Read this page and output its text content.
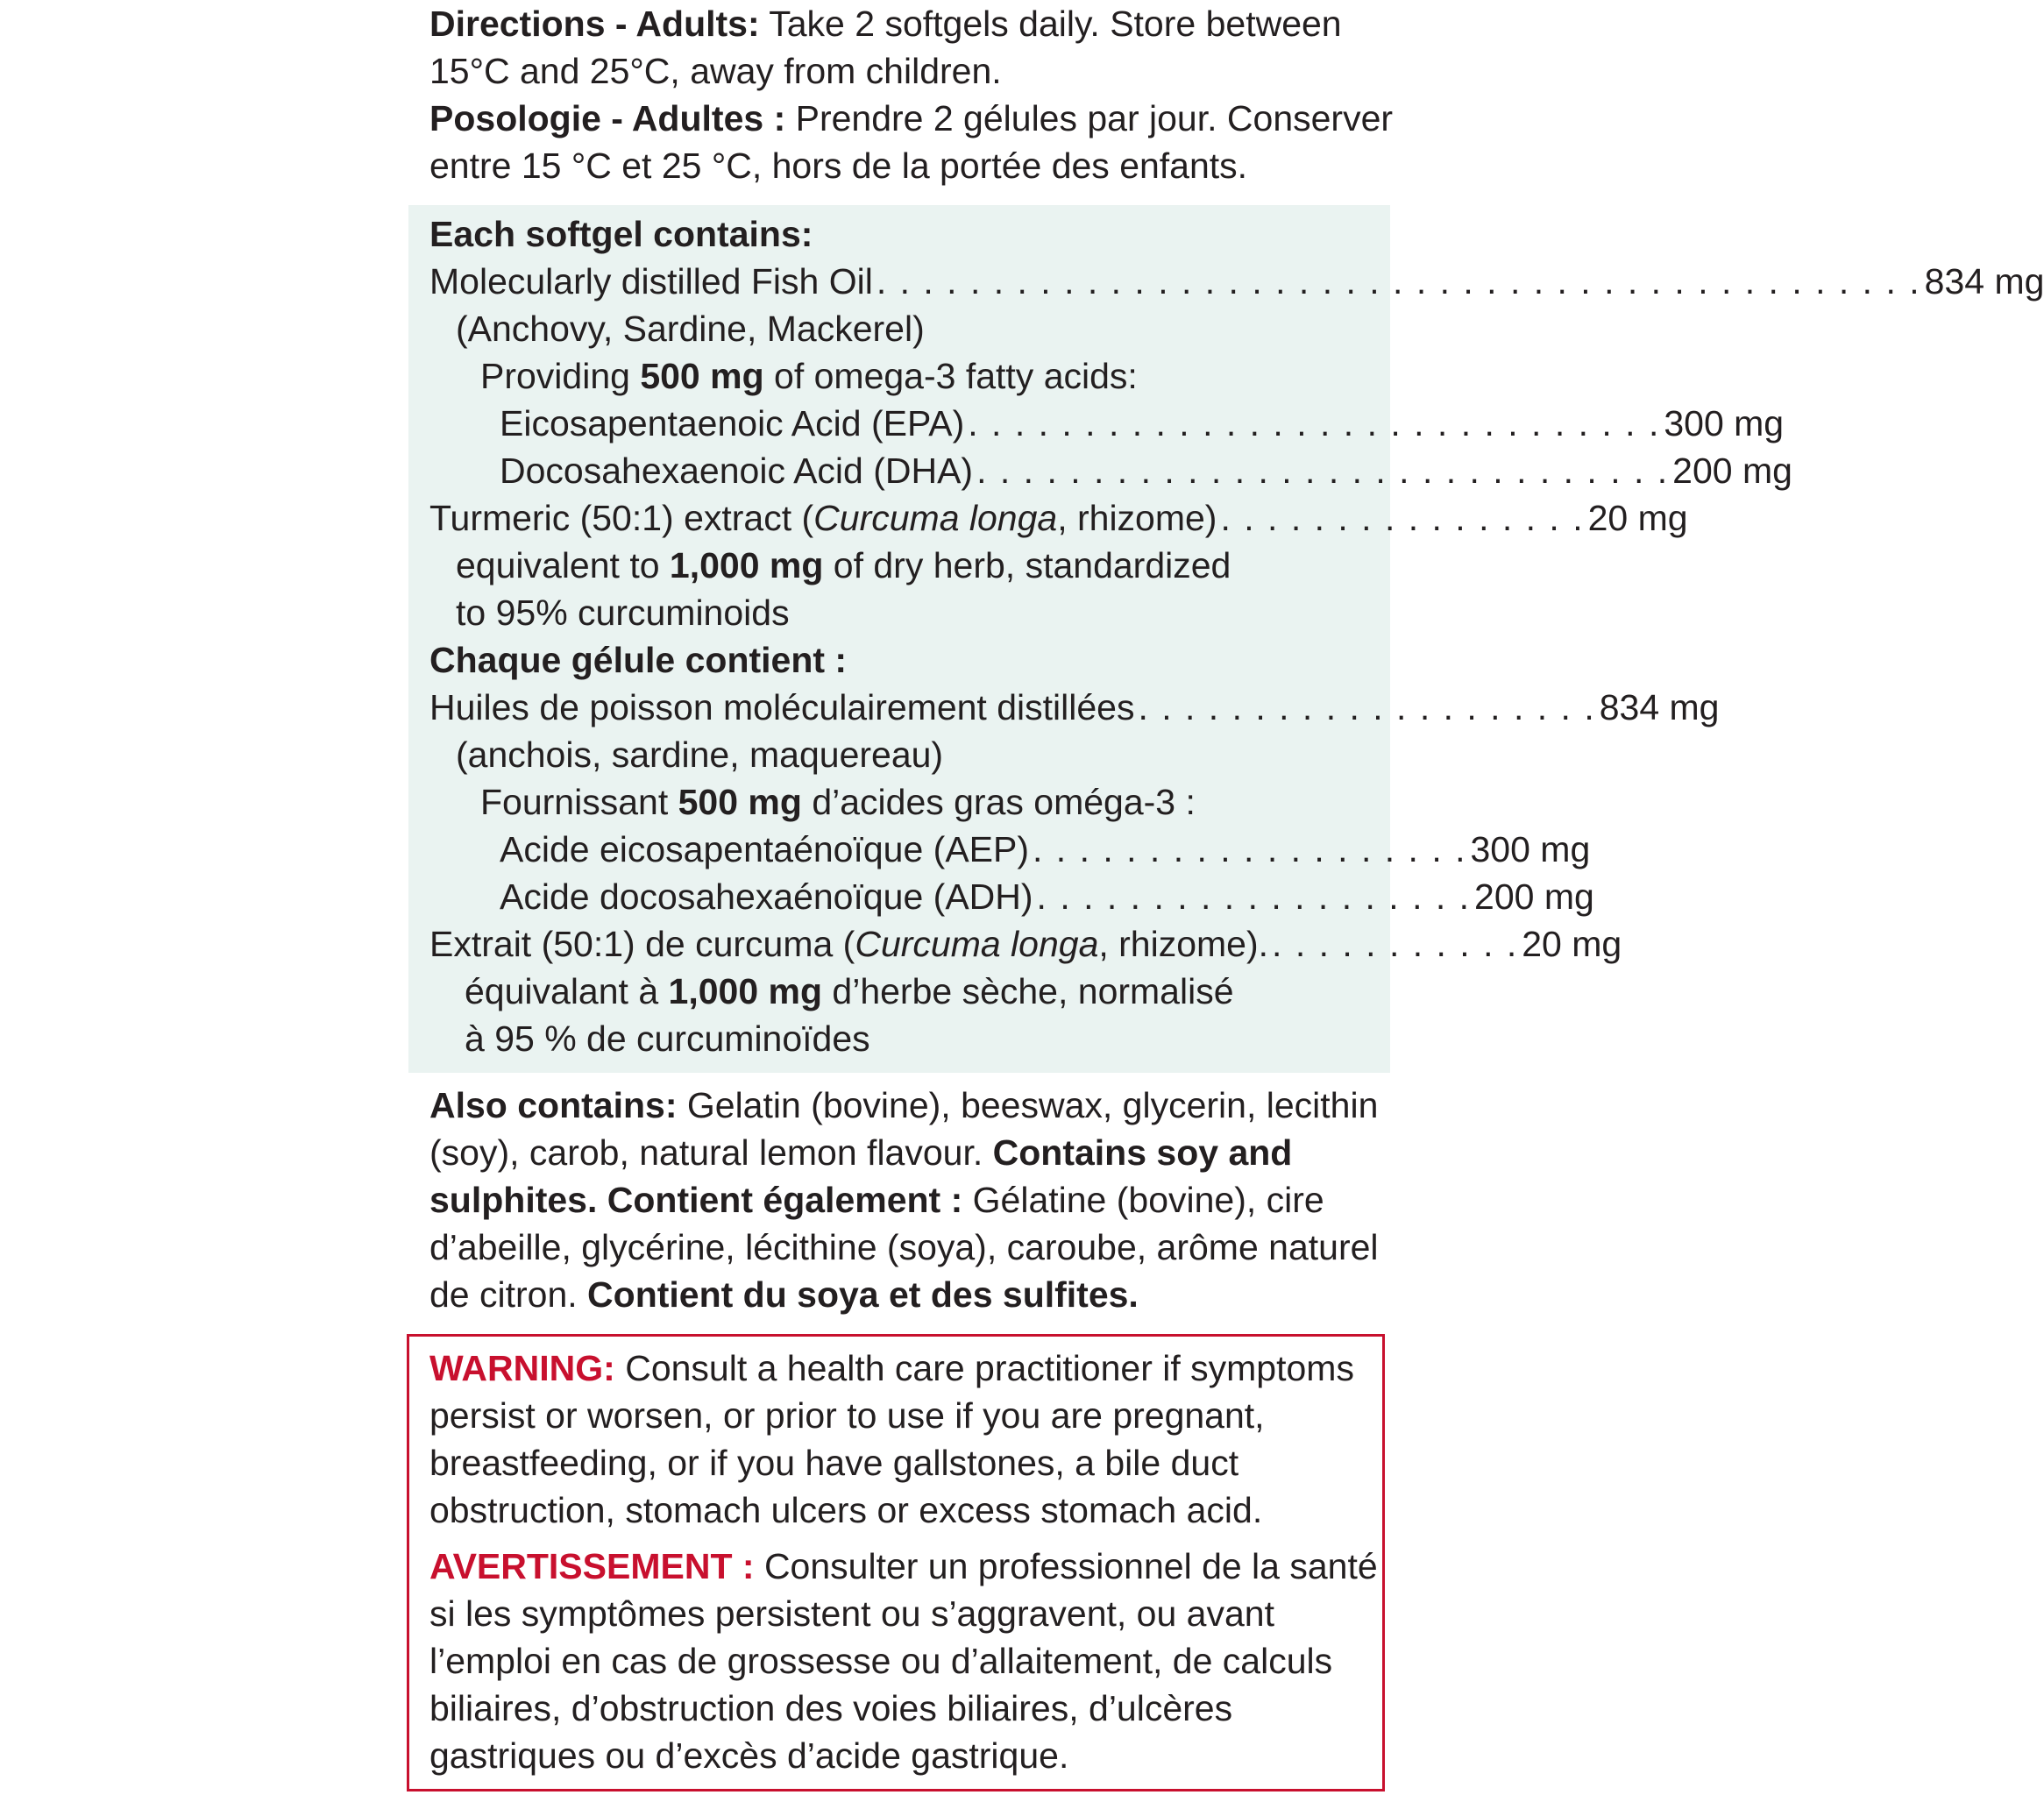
Directions - Adults: Take 2 softgels daily. Store between 15°C and 25°C, away from children.

Posologie - Adultes : Prendre 2 gélules par jour. Conserver entre 15 °C et 25 °C, hors de la portée des enfants.

Each softgel contains:
Molecularly distilled Fish Oil . . . . . . . . . . . . . . . . . . . . . . . . . . . . . . . . . . . . . . . . . . . . . 834 mg
(Anchovy, Sardine, Mackerel)
Providing 500 mg of omega-3 fatty acids:
Eicosapentaenoic Acid (EPA) . . . . . . . . . . . . . . . . . . . . . . . . . . . . . . 300 mg
Docosahexaenoic Acid (DHA) . . . . . . . . . . . . . . . . . . . . . . . . . . . . . . 200 mg
Turmeric (50:1) extract (Curcuma longa, rhizome) . . . . . . . . . . . . . . . . 20 mg
equivalent to 1,000 mg of dry herb, standardized
to 95% curcuminoids
Chaque gélule contient :
Huiles de poisson moléculairement distillées . . . . . . . . . . . . . . . . . . . . 834 mg
(anchois, sardine, maquereau)
Fournissant 500 mg d’acides gras oméga-3 :
Acide eicosapentaénoïque (AEP) . . . . . . . . . . . . . . . . . . . 300 mg
Acide docosahexaénoïque (ADH) . . . . . . . . . . . . . . . . . . . 200 mg
Extrait (50:1) de curcuma (Curcuma longa, rhizome). . . . . . . . . . . . 20 mg
équivalant à 1,000 mg d’herbe sèche, normalisé
à 95 % de curcuminoïdes

Also contains: Gelatin (bovine), beeswax, glycerin, lecithin (soy), carob, natural lemon flavour. Contains soy and sulphites. Contient également : Gélatine (bovine), cire d’abeille, glycérine, lécithine (soya), caroube, arôme naturel de citron. Contient du soya et des sulfites.

WARNING: Consult a health care practitioner if symptoms persist or worsen, or prior to use if you are pregnant, breastfeeding, or if you have gallstones, a bile duct obstruction, stomach ulcers or excess stomach acid.

AVERTISSEMENT : Consulter un professionnel de la santé si les symptômes persistent ou s’aggravent, ou avant l’emploi en cas de grossesse ou d’allaitement, de calculs biliaires, d’obstruction des voies biliaires, d’ulcères gastriques ou d’excès d’acide gastrique.
